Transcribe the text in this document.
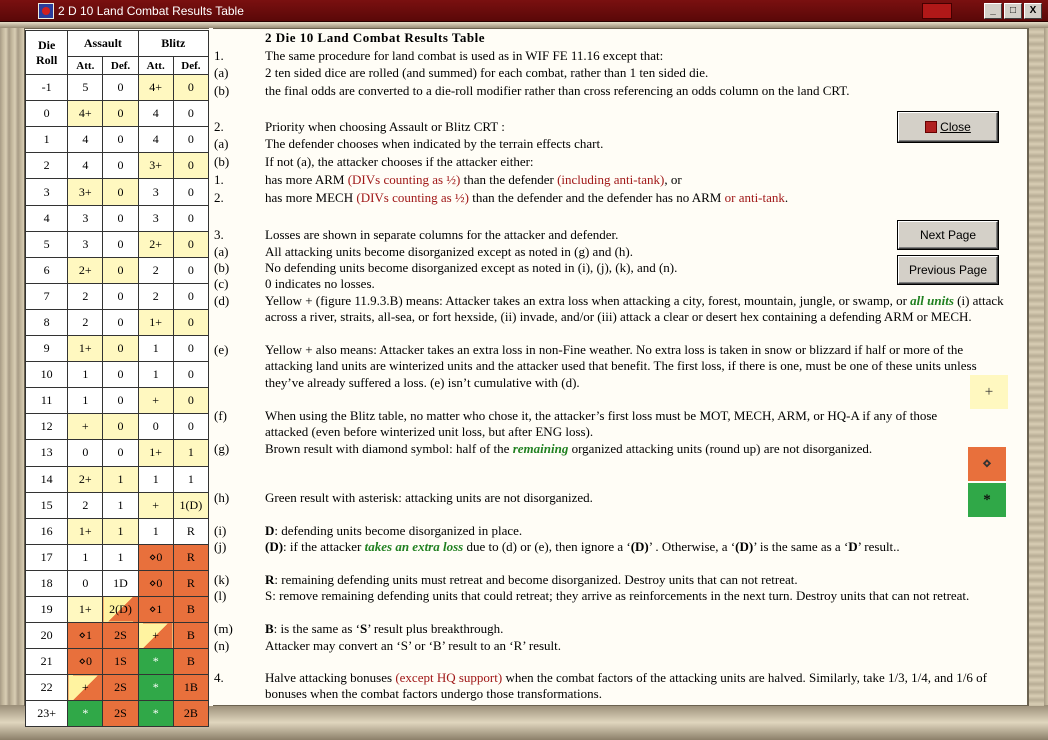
2 D 10 Land Combat Results Table	_	□	X
Die Roll	Assault		Blitz	
	Att.	Def.	Att.	Def.
-1	5	0	4+	0
0	4+	0	4	0
1	4	0	4	0
2	4	0	3+	0
3	3+	0	3	0
4	3	0	3	0
5	3	0	2+	0
6	2+	0	2	0
7	2	0	2	0
8	2	0	1+	0
9	1+	0	1	0
10	1	0	1	0
11	1	0	+	0
12	+	0	0	0
13	0	0	1+	1
14	2+	1	1	1
15	2	1	+	1(D)
16	1+	1	1	R
17	1	1	⋄0	R
18	0	1D	⋄0	R
19	1+	2(D)	⋄1	B
20	⋄1	2S	+	B
21	⋄0	1S	*	B
22	+	2S	*	1B
23+	*	2S	*	2B
2 Die 10 Land Combat Results Table
1.	The same procedure for land combat is used as in WIF FE 11.16 except that:
(a)	2 ten sided dice are rolled (and summed) for each combat, rather than 1 ten sided die.
(b)	the final odds are converted to a die-roll modifier rather than cross referencing an odds column on the land CRT.
2.	Priority when choosing Assault or Blitz CRT :
(a)	The defender chooses when indicated by the terrain effects chart.
(b)	If not (a), the attacker chooses if the attacker either:
1.	has more ARM (DIVs counting as ½) than the defender (including anti-tank), or
2.	has more MECH (DIVs counting as ½) than the defender and the defender has no ARM or anti-tank.
3.	Losses are shown in separate columns for the attacker and defender.
(a)	All attacking units become disorganized except as noted in (g) and (h).
(b)	No defending units become disorganized except as noted in (i), (j), (k), and (n).
(c)	0 indicates no losses.
(d)	Yellow + (figure 11.9.3.B) means: Attacker takes an extra loss when attacking a city, forest, mountain, jungle, or swamp, or all units (i) attack across a river, straits, all-sea, or fort hexside, (ii) invade, and/or (iii) attack a clear or desert hex containing a defending ARM or MECH.
(e)	Yellow + also means: Attacker takes an extra loss in non-Fine weather. No extra loss is taken in snow or blizzard if half or more of the attacking land units are winterized units and the attacker used that benefit. The first loss, if there is one, must be one of these units unless they’ve already suffered a loss. (e) isn’t cumulative with (d).
(f)	When using the Blitz table, no matter who chose it, the attacker’s first loss must be MOT, MECH, ARM, or HQ-A if any of those attacked (even before winterized unit loss, but after ENG loss).
(g)	Brown result with diamond symbol: half of the remaining organized attacking units (round up) are not disorganized.
(h)	Green result with asterisk: attacking units are not disorganized.
(i)	D: defending units become disorganized in place.
(j)	(D): if the attacker takes an extra loss due to (d) or (e), then ignore a ‘(D)’ . Otherwise, a ‘(D)’ is the same as a ‘D’ result..
(k)	R: remaining defending units must retreat and become disorganized. Destroy units that can not retreat.
(l)	S: remove remaining defending units that could retreat; they arrive as reinforcements in the next turn. Destroy units that can not retreat.
(m)	B: is the same as ‘S’ result plus breakthrough.
(n)	Attacker may convert an ‘S’ or ‘B’ result to an ‘R’ result.
4.	Halve attacking bonuses (except HQ support) when the combat factors of the attacking units are halved. Similarly, take 1/3, 1/4, and 1/6 of bonuses when the combat factors undergo those transformations.
Close
Next Page
Previous Page
+
⋄
*
